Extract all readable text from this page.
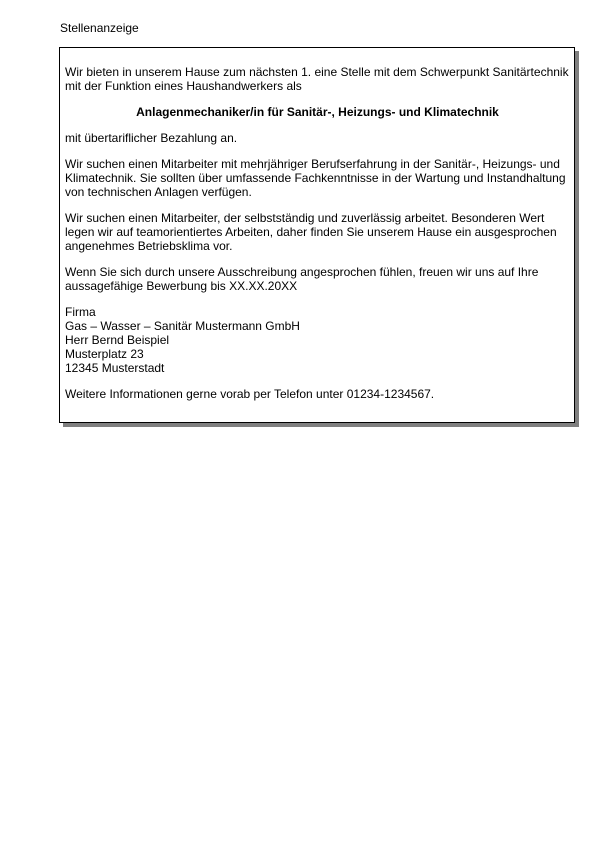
Stellenanzeige

Wir bieten in unserem Hause zum nächsten 1. eine Stelle mit dem Schwerpunkt Sanitärtechnik
mit der Funktion eines Haushandwerkers als

Anlagenmechaniker/in für Sanitär-, Heizungs- und Klimatechnik

mit übertariflicher Bezahlung an.

Wir suchen einen Mitarbeiter mit mehrjähriger Berufserfahrung in der Sanitär-, Heizungs- und
Klimatechnik. Sie sollten über umfassende Fachkenntnisse in der Wartung und Instandhaltung
von technischen Anlagen verfügen.

Wir suchen einen Mitarbeiter, der selbstständig und zuverlässig arbeitet. Besonderen Wert
legen wir auf teamorientiertes Arbeiten, daher finden Sie unserem Hause ein ausgesprochen
angenehmes Betriebsklima vor.

Wenn Sie sich durch unsere Ausschreibung angesprochen fühlen, freuen wir uns auf Ihre
aussagefähige Bewerbung bis XX.XX.20XX

Firma
Gas – Wasser – Sanitär Mustermann GmbH
Herr Bernd Beispiel
Musterplatz 23
12345 Musterstadt

Weitere Informationen gerne vorab per Telefon unter 01234-1234567.
